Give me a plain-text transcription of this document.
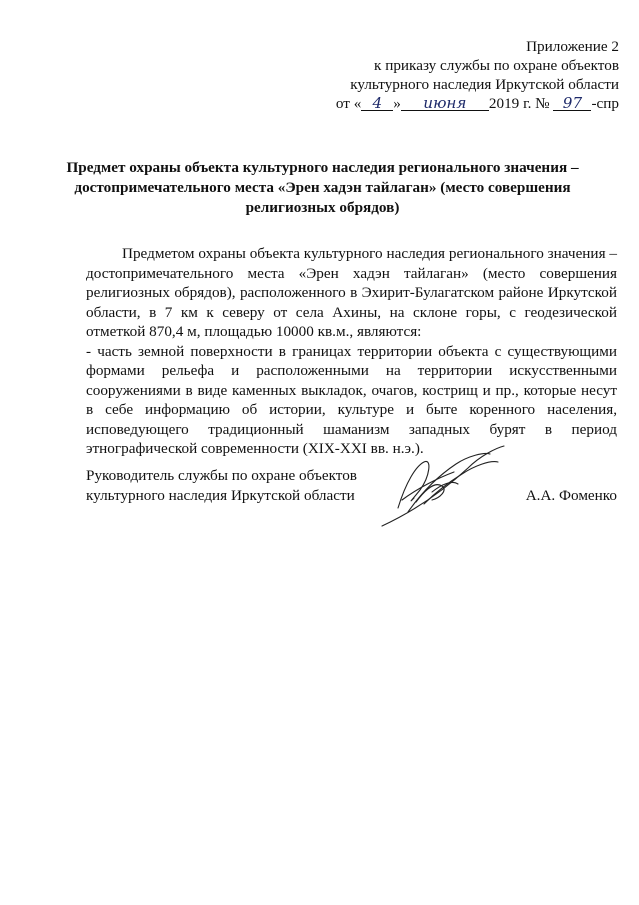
Приложение 2
к приказу службы по охране объектов
культурного наследия Иркутской области
от « 4 » июня 2019 г. № 97 -спр
Предмет охраны объекта культурного наследия регионального значения – достопримечательного места «Эрен хадэн тайлаган» (место совершения религиозных обрядов)

Предметом охраны объекта культурного наследия регионального значения – достопримечательного места «Эрен хадэн тайлаган» (место совершения религиозных обрядов), расположенного в Эхирит-Булагатском районе Иркутской области, в 7 км к северу от села Ахины, на склоне горы, с геодезической отметкой 870,4 м, площадью 10000 кв.м., являются:

- часть земной поверхности в границах территории объекта с существующими формами рельефа и расположенными на территории искусственными сооружениями в виде каменных выкладок, очагов, кострищ и пр., которые несут в себе информацию об истории, культуре и быте коренного населения, исповедующего традиционный шаманизм западных бурят в период этнографической современности (XIX-XXI вв. н.э.).

Руководитель службы по охране объектов
культурного наследия Иркутской области	А.А. Фоменко
